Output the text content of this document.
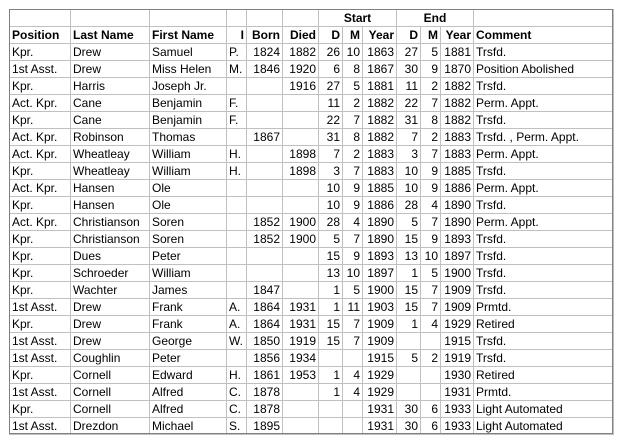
						Start			End			
Position	Last Name	First Name	I	Born	Died	D	M	Year	D	M	Year	Comment
Kpr.	Drew	Samuel	P.	1824	1882	26	10	1863	27	5	1881	Trsfd.
1st Asst.	Drew	Miss Helen	M.	1846	1920	6	8	1867	30	9	1870	Position Abolished
Kpr.	Harris	Joseph Jr.			1916	27	5	1881	11	2	1882	Trsfd.
Act. Kpr.	Cane	Benjamin	F.			11	2	1882	22	7	1882	Perm. Appt.
Kpr.	Cane	Benjamin	F.			22	7	1882	31	8	1882	Trsfd.
Act. Kpr.	Robinson	Thomas		1867		31	8	1882	7	2	1883	Trsfd. , Perm. Appt.
Act. Kpr.	Wheatleay	William	H.		1898	7	2	1883	3	7	1883	Perm. Appt.
Kpr.	Wheatleay	William	H.		1898	3	7	1883	10	9	1885	Trsfd.
Act. Kpr.	Hansen	Ole				10	9	1885	10	9	1886	Perm. Appt.
Kpr.	Hansen	Ole				10	9	1886	28	4	1890	Trsfd.
Act. Kpr.	Christianson	Soren		1852	1900	28	4	1890	5	7	1890	Perm. Appt.
Kpr.	Christianson	Soren		1852	1900	5	7	1890	15	9	1893	Trsfd.
Kpr.	Dues	Peter				15	9	1893	13	10	1897	Trsfd.
Kpr.	Schroeder	William				13	10	1897	1	5	1900	Trsfd.
Kpr.	Wachter	James		1847		1	5	1900	15	7	1909	Trsfd.
1st Asst.	Drew	Frank	A.	1864	1931	1	11	1903	15	7	1909	Prmtd.
Kpr.	Drew	Frank	A.	1864	1931	15	7	1909	1	4	1929	Retired
1st Asst.	Drew	George	W.	1850	1919	15	7	1909			1915	Trsfd.
1st Asst.	Coughlin	Peter		1856	1934			1915	5	2	1919	Trsfd.
Kpr.	Cornell	Edward	H.	1861	1953	1	4	1929			1930	Retired
1st Asst.	Cornell	Alfred	C.	1878		1	4	1929			1931	Prmtd.
Kpr.	Cornell	Alfred	C.	1878				1931	30	6	1933	Light Automated
1st Asst.	Drezdon	Michael	S.	1895				1931	30	6	1933	Light Automated
